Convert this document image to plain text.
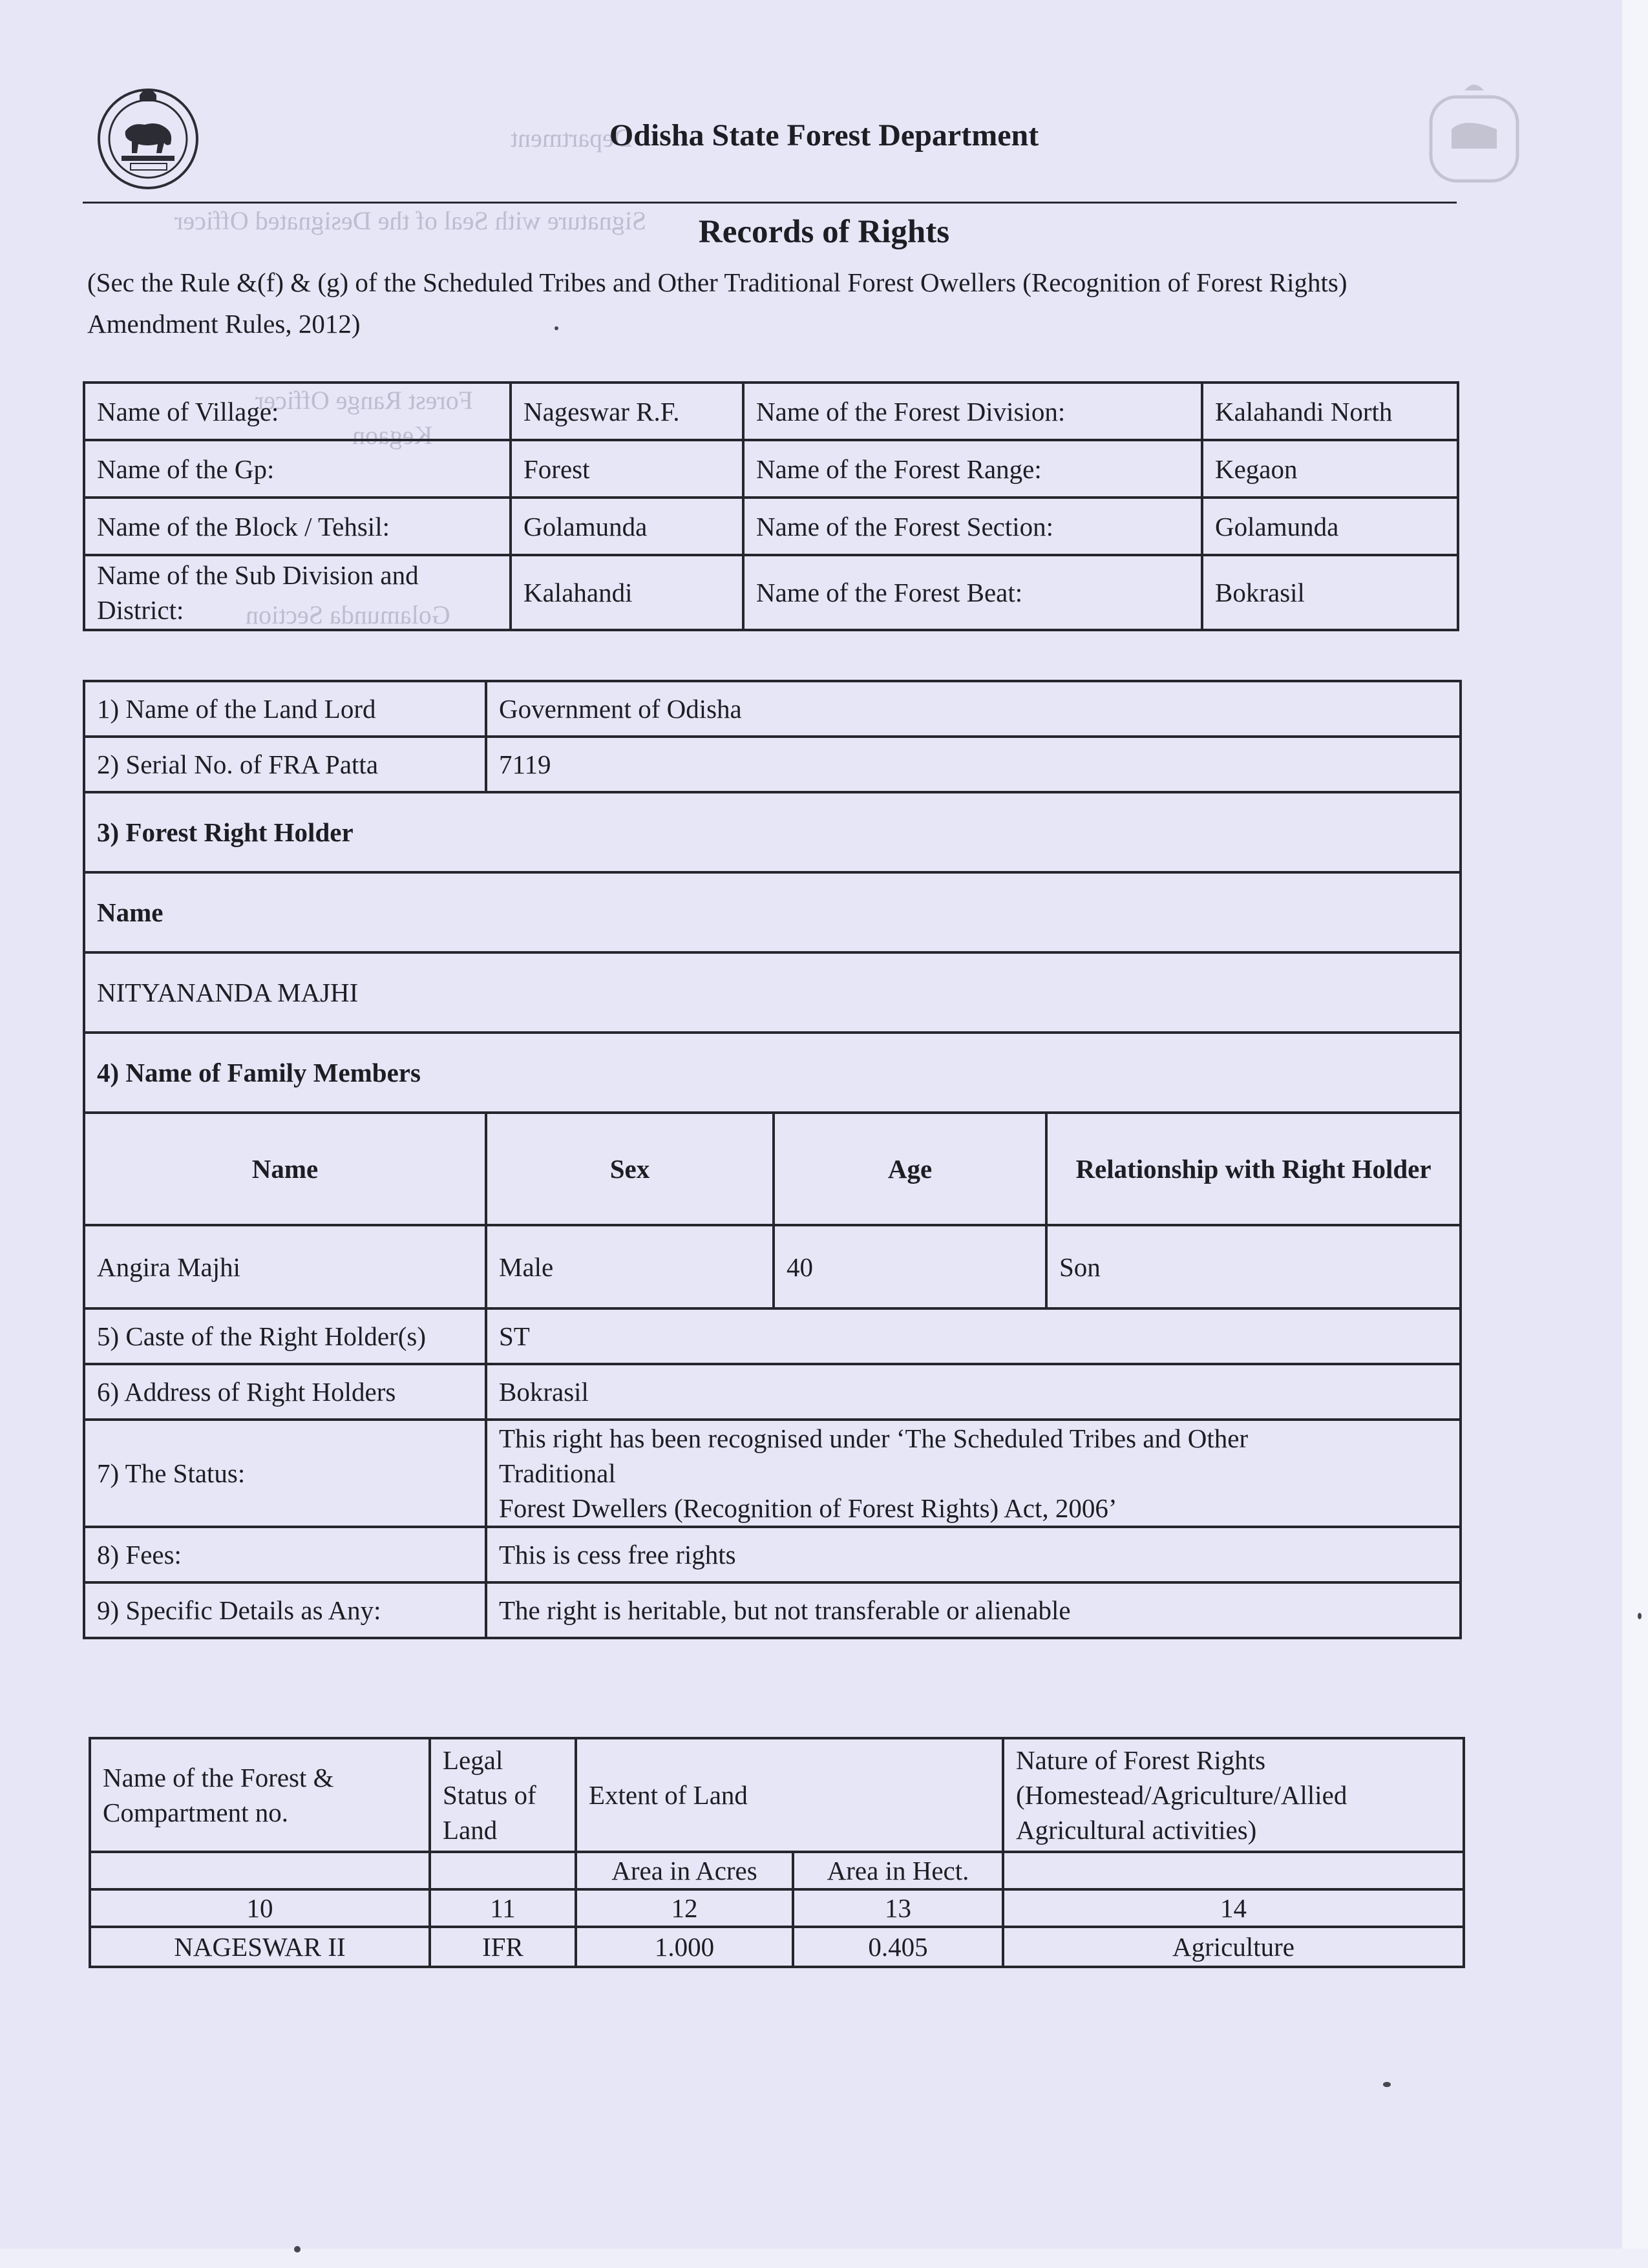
Department
Signature with Seal of the Designated Officer
Forest Range Officer
Kegaon
Golamunda Section
Odisha State Forest Department
Records of Rights
(Sec the Rule &(f) & (g) of the Scheduled Tribes and Other Traditional Forest Owellers (Recognition of Forest Rights) Amendment Rules, 2012)
Name of Village:	Nageswar R.F.	Name of the Forest Division:	Kalahandi North
Name of the Gp:	Forest	Name of the Forest Range:	Kegaon
Name of the Block / Tehsil:	Golamunda	Name of the Forest Section:	Golamunda
Name of the Sub Division and District:	Kalahandi	Name of the Forest Beat:	Bokrasil
1) Name of the Land Lord	Government of Odisha		
2) Serial No. of FRA Patta	7119		
3) Forest Right Holder			
Name			
NITYANANDA MAJHI			
4) Name of Family Members			
Name	Sex	Age	Relationship with Right Holder
Angira Majhi	Male	40	Son
5) Caste of the Right Holder(s)	ST		
6) Address of Right Holders	Bokrasil		
7) The Status:	This right has been recognised under ‘The Scheduled Tribes and Other
Traditional
Forest Dwellers (Recognition of Forest Rights) Act, 2006’		

8) Fees:	This is cess free rights		
9) Specific Details as Any:	The right is heritable, but not transferable or alienable		
Name of the Forest & Compartment no.	Legal Status of Land	Extent of Land		Nature of Forest Rights (Homestead/Agriculture/Allied Agricultural activities)
		Area in Acres	Area in Hect.	
10	11	12	13	14
NAGESWAR II	IFR	1.000	0.405	Agriculture
